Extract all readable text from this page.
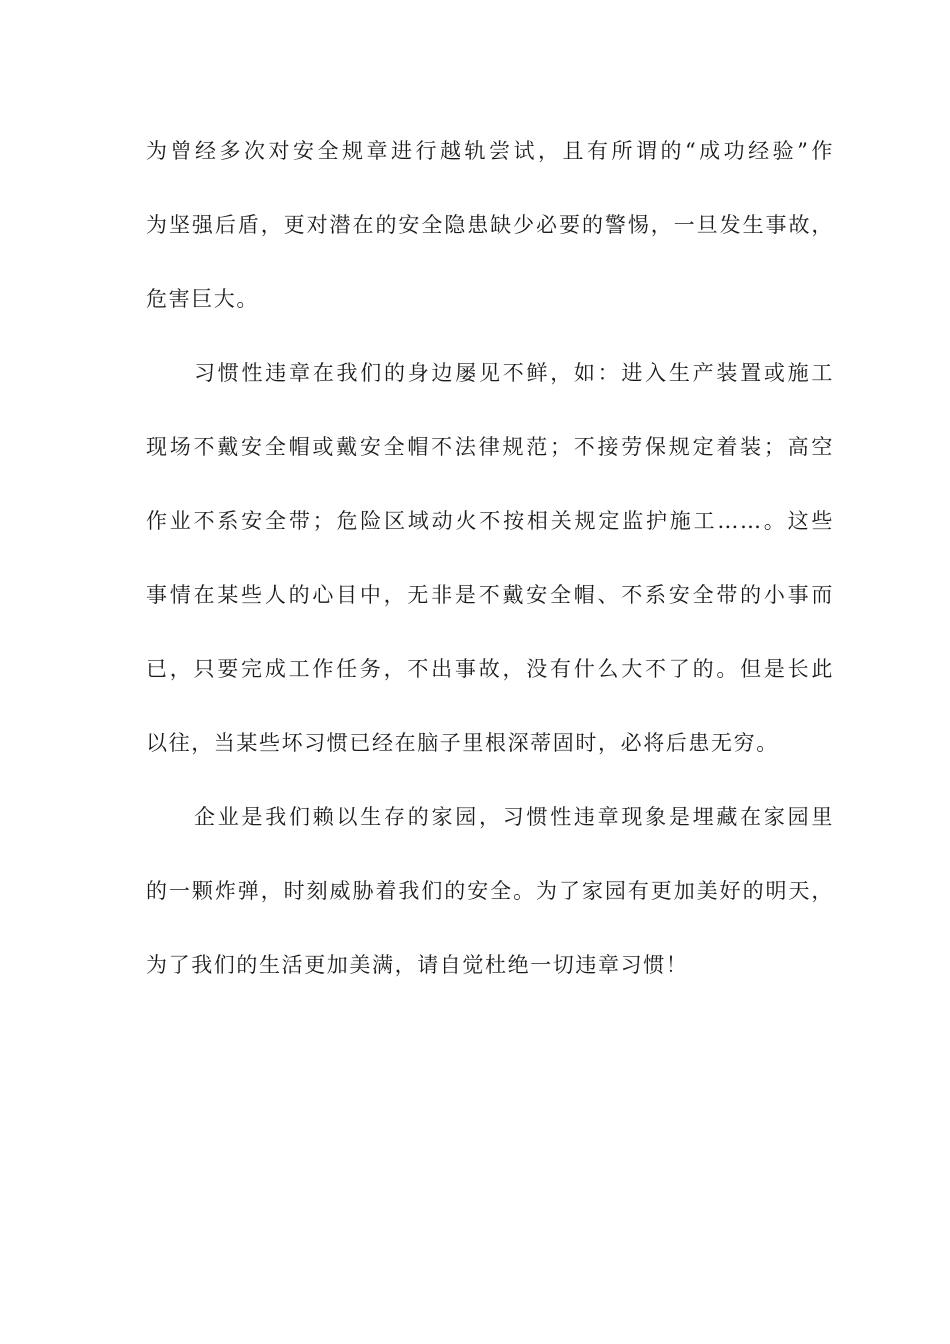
为曾经多次对安全规章进行越轨尝试，且有所谓的“成功经验”作
为坚强后盾，更对潜在的安全隐患缺少必要的警惕，一旦发生事故，
危害巨大。
习惯性违章在我们的身边屡见不鲜，如：进入生产装置或施工
现场不戴安全帽或戴安全帽不法律规范；不接劳保规定着装；高空
作业不系安全带；危险区域动火不按相关规定监护施工……。这些
事情在某些人的心目中，无非是不戴安全帽、不系安全带的小事而
已，只要完成工作任务，不出事故，没有什么大不了的。但是长此
以往，当某些坏习惯已经在脑子里根深蒂固时，必将后患无穷。
企业是我们赖以生存的家园，习惯性违章现象是埋藏在家园里
的一颗炸弹，时刻威胁着我们的安全。为了家园有更加美好的明天，
为了我们的生活更加美满，请自觉杜绝一切违章习惯！
